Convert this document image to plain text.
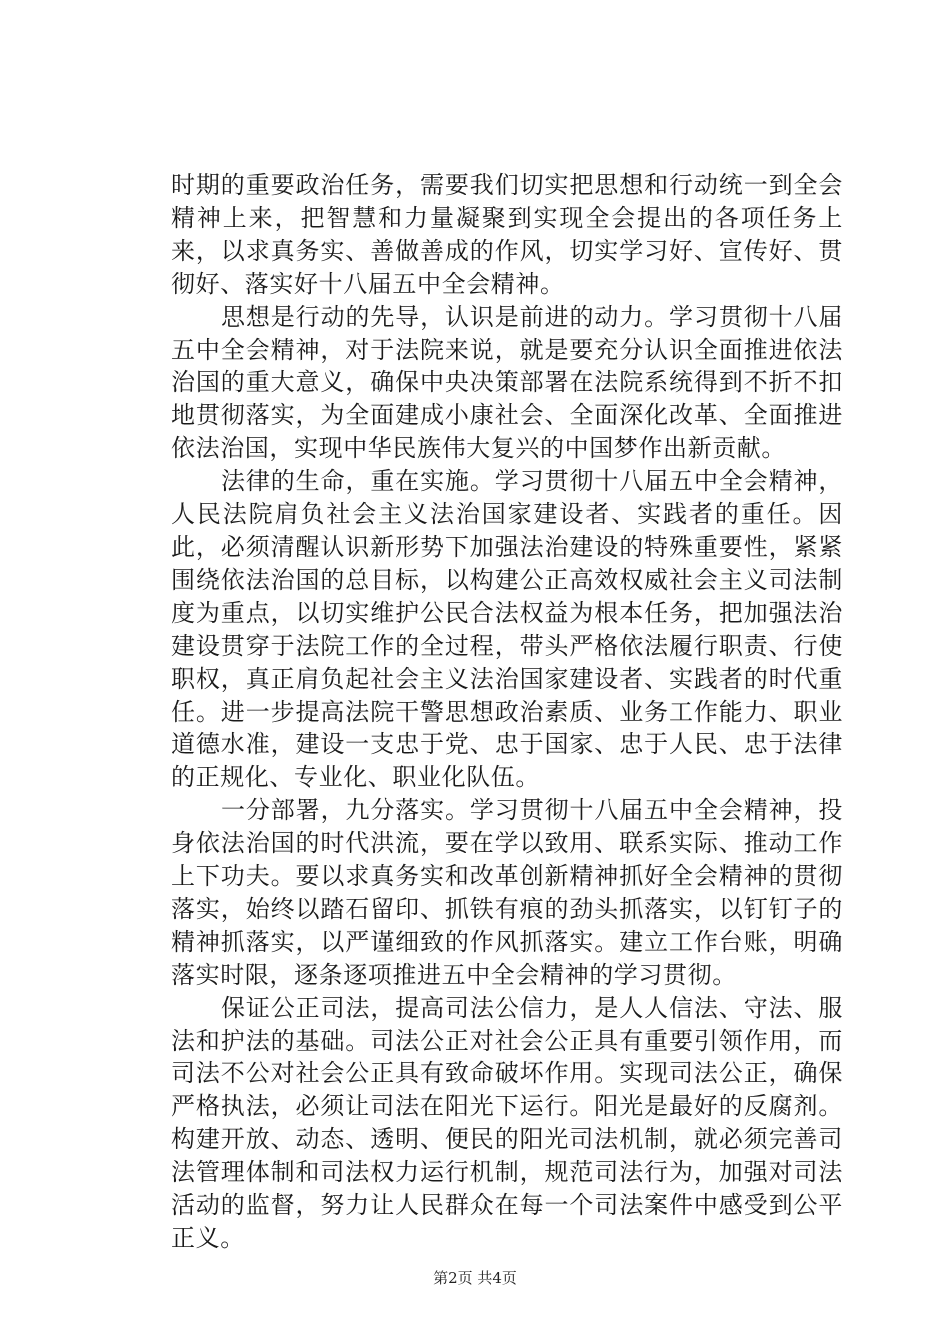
时期的重要政治任务，需要我们切实把思想和行动统一到全会精神上来，把智慧和力量凝聚到实现全会提出的各项任务上来，以求真务实、善做善成的作风，切实学习好、宣传好、贯彻好、落实好十八届五中全会精神。

思想是行动的先导，认识是前进的动力。学习贯彻十八届五中全会精神，对于法院来说，就是要充分认识全面推进依法治国的重大意义，确保中央决策部署在法院系统得到不折不扣地贯彻落实，为全面建成小康社会、全面深化改革、全面推进依法治国，实现中华民族伟大复兴的中国梦作出新贡献。

法律的生命，重在实施。学习贯彻十八届五中全会精神，人民法院肩负社会主义法治国家建设者、实践者的重任。因此，必须清醒认识新形势下加强法治建设的特殊重要性，紧紧围绕依法治国的总目标，以构建公正高效权威社会主义司法制度为重点，以切实维护公民合法权益为根本任务，把加强法治建设贯穿于法院工作的全过程，带头严格依法履行职责、行使职权，真正肩负起社会主义法治国家建设者、实践者的时代重任。进一步提高法院干警思想政治素质、业务工作能力、职业道德水准，建设一支忠于党、忠于国家、忠于人民、忠于法律的正规化、专业化、职业化队伍。

一分部署，九分落实。学习贯彻十八届五中全会精神，投身依法治国的时代洪流，要在学以致用、联系实际、推动工作上下功夫。要以求真务实和改革创新精神抓好全会精神的贯彻落实，始终以踏石留印、抓铁有痕的劲头抓落实，以钉钉子的精神抓落实，以严谨细致的作风抓落实。建立工作台账，明确落实时限，逐条逐项推进五中全会精神的学习贯彻。

保证公正司法，提高司法公信力，是人人信法、守法、服法和护法的基础。司法公正对社会公正具有重要引领作用，而司法不公对社会公正具有致命破坏作用。实现司法公正，确保严格执法，必须让司法在阳光下运行。阳光是最好的反腐剂。构建开放、动态、透明、便民的阳光司法机制，就必须完善司法管理体制和司法权力运行机制，规范司法行为，加强对司法活动的监督，努力让人民群众在每一个司法案件中感受到公平正义。

第2页 共4页
